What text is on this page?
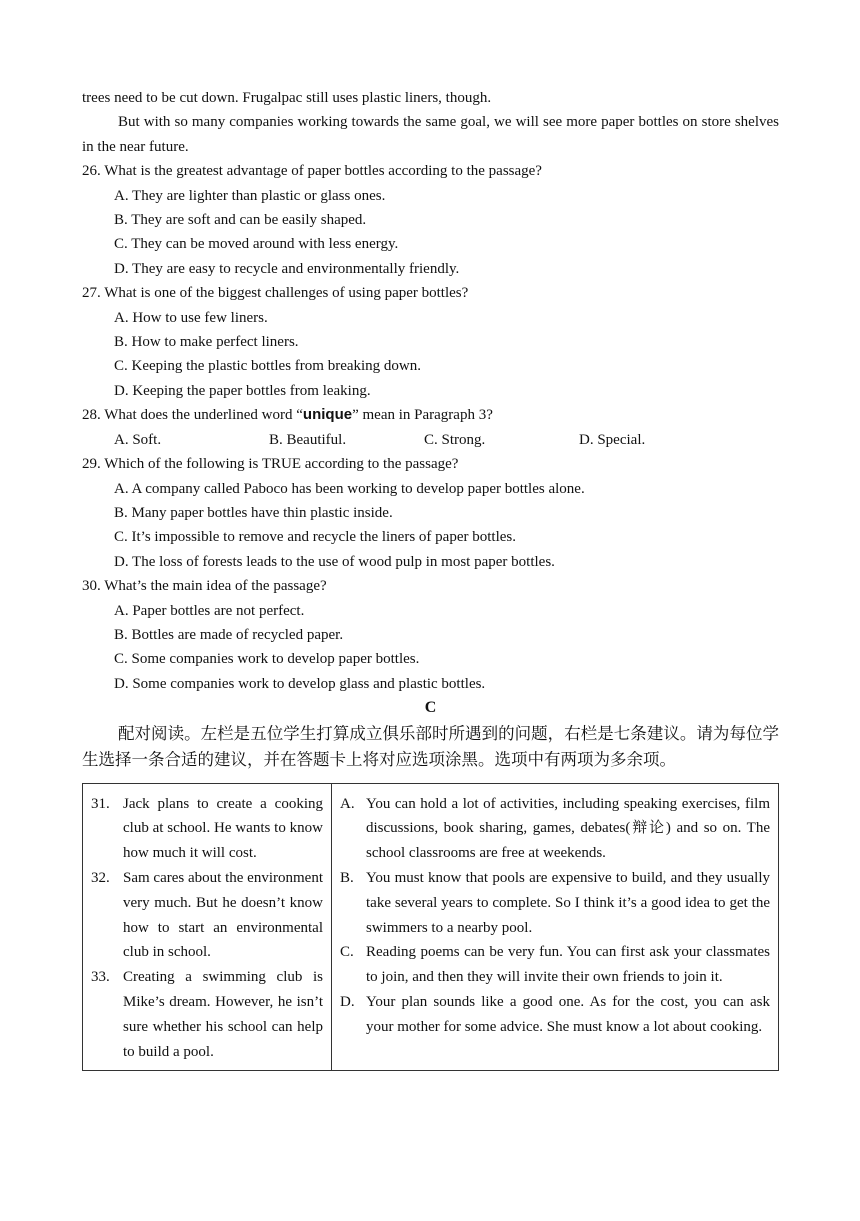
trees need to be cut down. Frugalpac still uses plastic liners, though.

But with so many companies working towards the same goal, we will see more paper bottles on store shelves in the near future.

26. What is the greatest advantage of paper bottles according to the passage?

A. They are lighter than plastic or glass ones.

B. They are soft and can be easily shaped.

C. They can be moved around with less energy.

D. They are easy to recycle and environmentally friendly.

27. What is one of the biggest challenges of using paper bottles?

A. How to use few liners.

B. How to make perfect liners.

C. Keeping the plastic bottles from breaking down.

D. Keeping the paper bottles from leaking.

28. What does the underlined word “unique” mean in Paragraph 3?

A. Soft.	B. Beautiful.	C. Strong.	D. Special.

29. Which of the following is TRUE according to the passage?

A. A company called Paboco has been working to develop paper bottles alone.

B. Many paper bottles have thin plastic inside.

C. It’s impossible to remove and recycle the liners of paper bottles.

D. The loss of forests leads to the use of wood pulp in most paper bottles.

30. What’s the main idea of the passage?

A. Paper bottles are not perfect.

B. Bottles are made of recycled paper.

C. Some companies work to develop paper bottles.

D. Some companies work to develop glass and plastic bottles.

C

配对阅读。左栏是五位学生打算成立俱乐部时所遇到的问题，右栏是七条建议。请为每位学生选择一条合适的建议，并在答题卡上将对应选项涂黑。选项中有两项为多余项。

31. Jack plans to create a cooking club at school. He wants to know how much it will cost.
32. Sam cares about the environment very much. But he doesn’t know how to start an environmental club in school.
33. Creating a swimming club is Mike’s dream. However, he isn’t sure whether his school can help to build a pool.

A. You can hold a lot of activities, including speaking exercises, film discussions, book sharing, games, debates(辩论) and so on. The school classrooms are free at weekends.
B. You must know that pools are expensive to build, and they usually take several years to complete. So I think it’s a good idea to get the swimmers to a nearby pool.
C. Reading poems can be very fun. You can first ask your classmates to join, and then they will invite their own friends to join it.
D. Your plan sounds like a good one. As for the cost, you can ask your mother for some advice. She must know a lot about cooking.
